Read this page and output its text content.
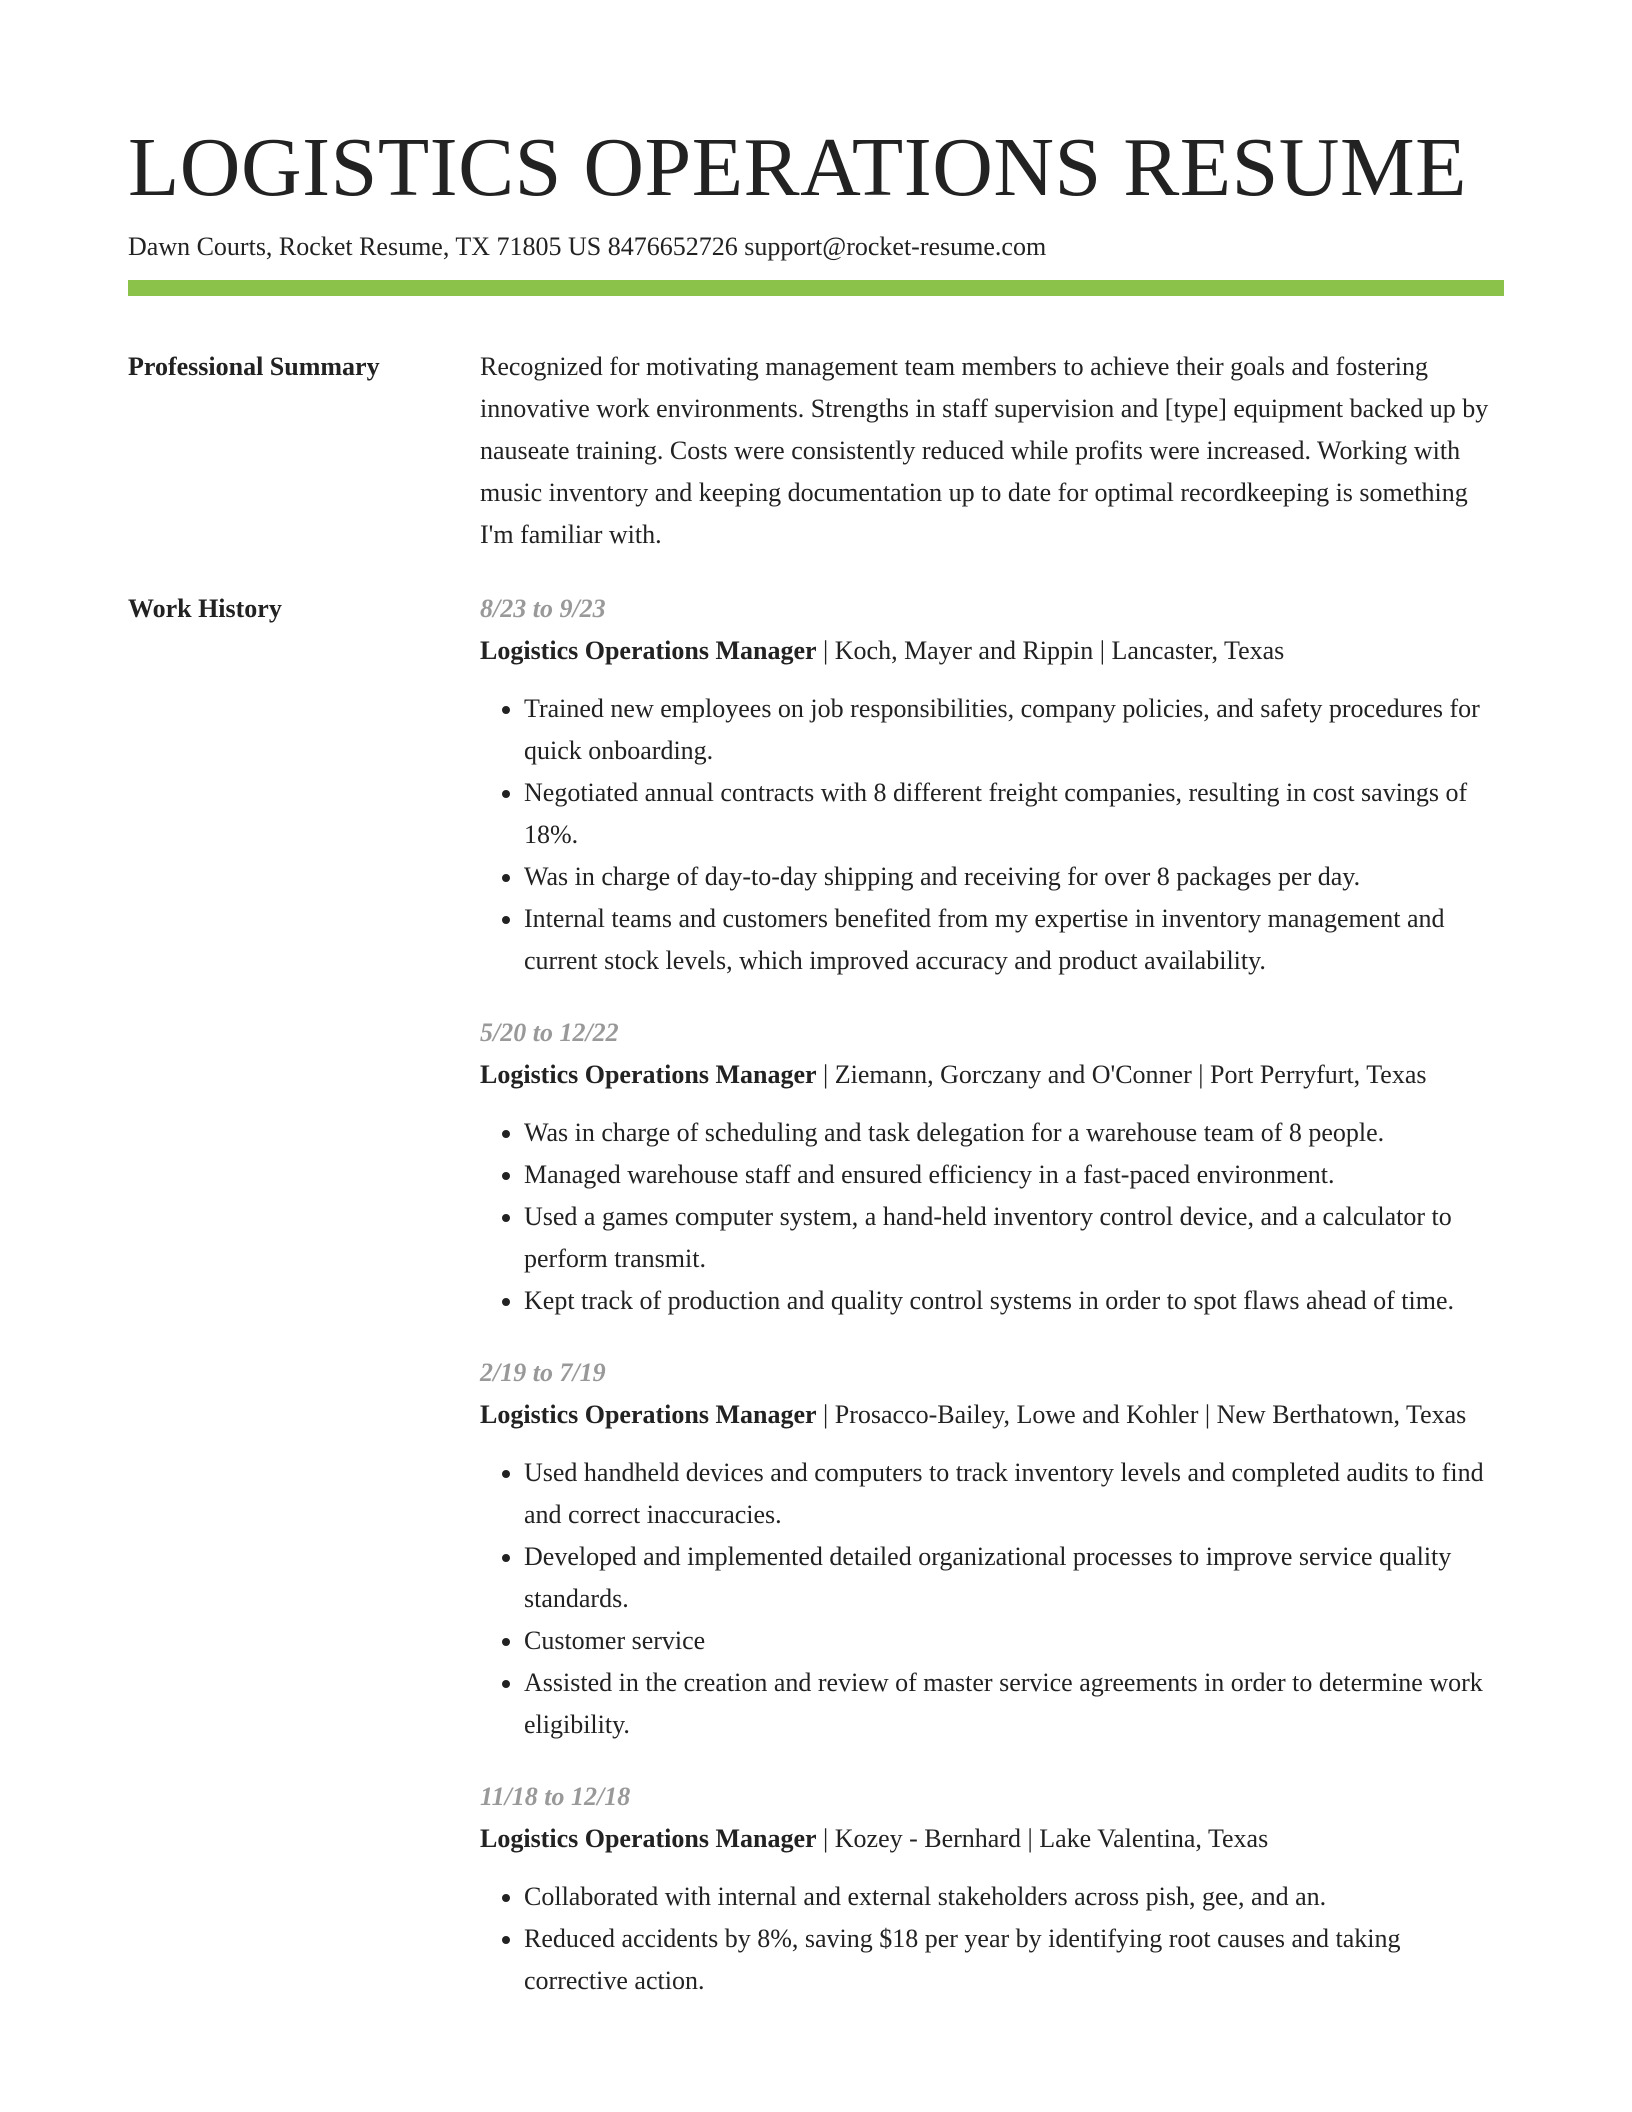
LOGISTICS OPERATIONS RESUME
Dawn Courts, Rocket Resume, TX 71805 US 8476652726 support@rocket-resume.com
Professional Summary	Recognized for motivating management team members to achieve their goals and fostering innovative work environments. Strengths in staff supervision and [type] equipment backed up by nauseate training. Costs were consistently reduced while profits were increased. Working with music inventory and keeping documentation up to date for optimal recordkeeping is something I'm familiar with.
Work History	8/23 to 9/23
Logistics Operations Manager | Koch, Mayer and Rippin | Lancaster, Texas
• Trained new employees on job responsibilities, company policies, and safety procedures for quick onboarding.
• Negotiated annual contracts with 8 different freight companies, resulting in cost savings of 18%.
• Was in charge of day-to-day shipping and receiving for over 8 packages per day.
• Internal teams and customers benefited from my expertise in inventory management and current stock levels, which improved accuracy and product availability.
5/20 to 12/22
Logistics Operations Manager | Ziemann, Gorczany and O'Conner | Port Perryfurt, Texas
• Was in charge of scheduling and task delegation for a warehouse team of 8 people.
• Managed warehouse staff and ensured efficiency in a fast-paced environment.
• Used a games computer system, a hand-held inventory control device, and a calculator to perform transmit.
• Kept track of production and quality control systems in order to spot flaws ahead of time.
2/19 to 7/19
Logistics Operations Manager | Prosacco-Bailey, Lowe and Kohler | New Berthatown, Texas
• Used handheld devices and computers to track inventory levels and completed audits to find and correct inaccuracies.
• Developed and implemented detailed organizational processes to improve service quality standards.
• Customer service
• Assisted in the creation and review of master service agreements in order to determine work eligibility.
11/18 to 12/18
Logistics Operations Manager | Kozey - Bernhard | Lake Valentina, Texas
• Collaborated with internal and external stakeholders across pish, gee, and an.
• Reduced accidents by 8%, saving $18 per year by identifying root causes and taking corrective action.
